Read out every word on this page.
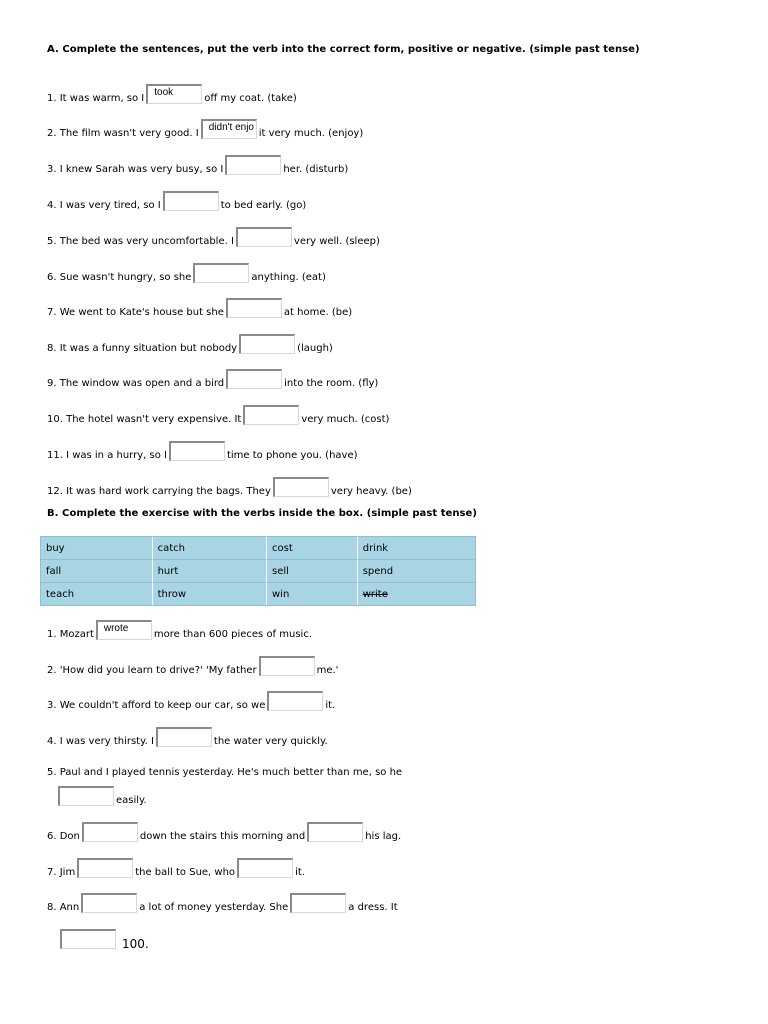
A. Complete the sentences, put the verb into the correct form, positive or negative. (simple past tense)
1. It was warm, so I
took
off my coat. (take)
2. The film wasn't very good. I
didn't enjo
it very much. (enjoy)
3. I knew Sarah was very busy, so I	her. (disturb)
4. I was very tired, so I	to bed early. (go)
5. The bed was very uncomfortable. I	very well. (sleep)
6. Sue wasn't hungry, so she	anything. (eat)
7. We went to Kate's house but she	at home. (be)
8. It was a funny situation but nobody	(laugh)
9. The window was open and a bird	into the room. (fly)
10. The hotel wasn't very expensive. It	very much. (cost)
11. I was in a hurry, so I	time to phone you. (have)
12. It was hard work carrying the bags. They	very heavy. (be)
B. Complete the exercise with the verbs inside the box. (simple past tense)
buy	catch	cost	drink
fall	hurt	sell	spend
teach	throw	win	write
1. Mozart
wrote
more than 600 pieces of music.
2. 'How did you learn to drive?' 'My father	me.'
3. We couldn't afford to keep our car, so we	it.
4. I was very thirsty. I	the water very quickly.
5. Paul and I played tennis yesterday. He's much better than me, so he
easily.
6. Don	down the stairs this morning and	his lag.
7. Jim	the ball to Sue, who	it.
8. Ann	a lot of money yesterday. She	a dress. It
100.
